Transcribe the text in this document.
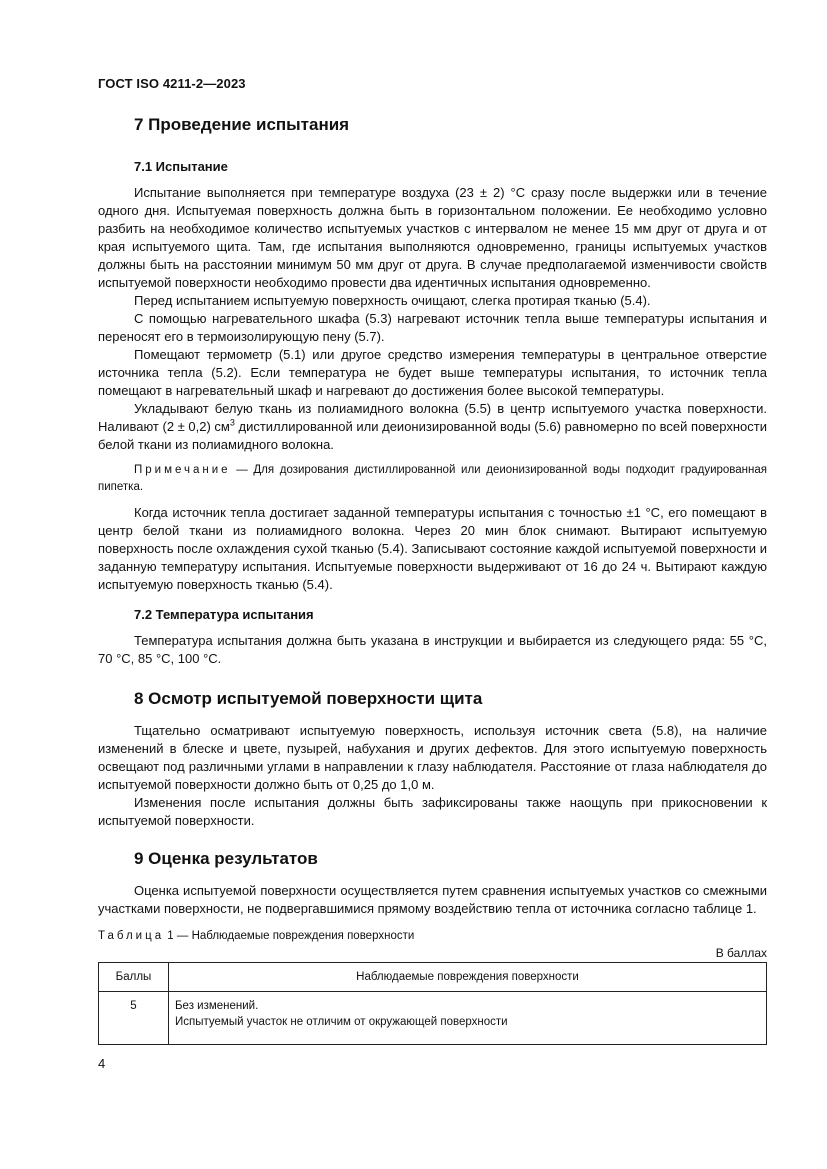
ГОСТ ISO 4211-2—2023
7 Проведение испытания
7.1 Испытание

Испытание выполняется при температуре воздуха (23 ± 2) °С сразу после выдержки или в течение одного дня. Испытуемая поверхность должна быть в горизонтальном положении. Ее необходимо условно разбить на необходимое количество испытуемых участков с интервалом не менее 15 мм друг от друга и от края испытуемого щита. Там, где испытания выполняются одновременно, границы испытуемых участков должны быть на расстоянии минимум 50 мм друг от друга. В случае предполагаемой изменчивости свойств испытуемой поверхности необходимо провести два идентичных испытания одновременно.

Перед испытанием испытуемую поверхность очищают, слегка протирая тканью (5.4).

С помощью нагревательного шкафа (5.3) нагревают источник тепла выше температуры испытания и переносят его в термоизолирующую пену (5.7).

Помещают термометр (5.1) или другое средство измерения температуры в центральное отверстие источника тепла (5.2). Если температура не будет выше температуры испытания, то источник тепла помещают в нагревательный шкаф и нагревают до достижения более высокой температуры.

Укладывают белую ткань из полиамидного волокна (5.5) в центр испытуемого участка поверхности. Наливают (2 ± 0,2) $см^3$ дистиллированной или деионизированной воды (5.6) равномерно по всей поверхности белой ткани из полиамидного волокна.

Примечание — Для дозирования дистиллированной или деионизированной воды подходит градуированная пипетка.

Когда источник тепла достигает заданной температуры испытания с точностью ±1 °С, его помещают в центр белой ткани из полиамидного волокна. Через 20 мин блок снимают. Вытирают испытуемую поверхность после охлаждения сухой тканью (5.4). Записывают состояние каждой испытуемой поверхности и заданную температуру испытания. Испытуемые поверхности выдерживают от 16 до 24 ч. Вытирают каждую испытуемую поверхность тканью (5.4).

7.2 Температура испытания

Температура испытания должна быть указана в инструкции и выбирается из следующего ряда: 55 °С, 70 °С, 85 °С, 100 °С.

8 Осмотр испытуемой поверхности щита

Тщательно осматривают испытуемую поверхность, используя источник света (5.8), на наличие изменений в блеске и цвете, пузырей, набухания и других дефектов. Для этого испытуемую поверхность освещают под различными углами в направлении к глазу наблюдателя. Расстояние от глаза наблюдателя до испытуемой поверхности должно быть от 0,25 до 1,0 м.

Изменения после испытания должны быть зафиксированы также наощупь при прикосновении к испытуемой поверхности.

9 Оценка результатов

Оценка испытуемой поверхности осуществляется путем сравнения испытуемых участков со смежными участками поверхности, не подвергавшимися прямому воздействию тепла от источника согласно таблице 1.

Таблица 1 — Наблюдаемые повреждения поверхности
В баллах
Баллы	Наблюдаемые повреждения поверхности
5	Без изменений.
Испытуемый участок не отличим от окружающей поверхности
4
